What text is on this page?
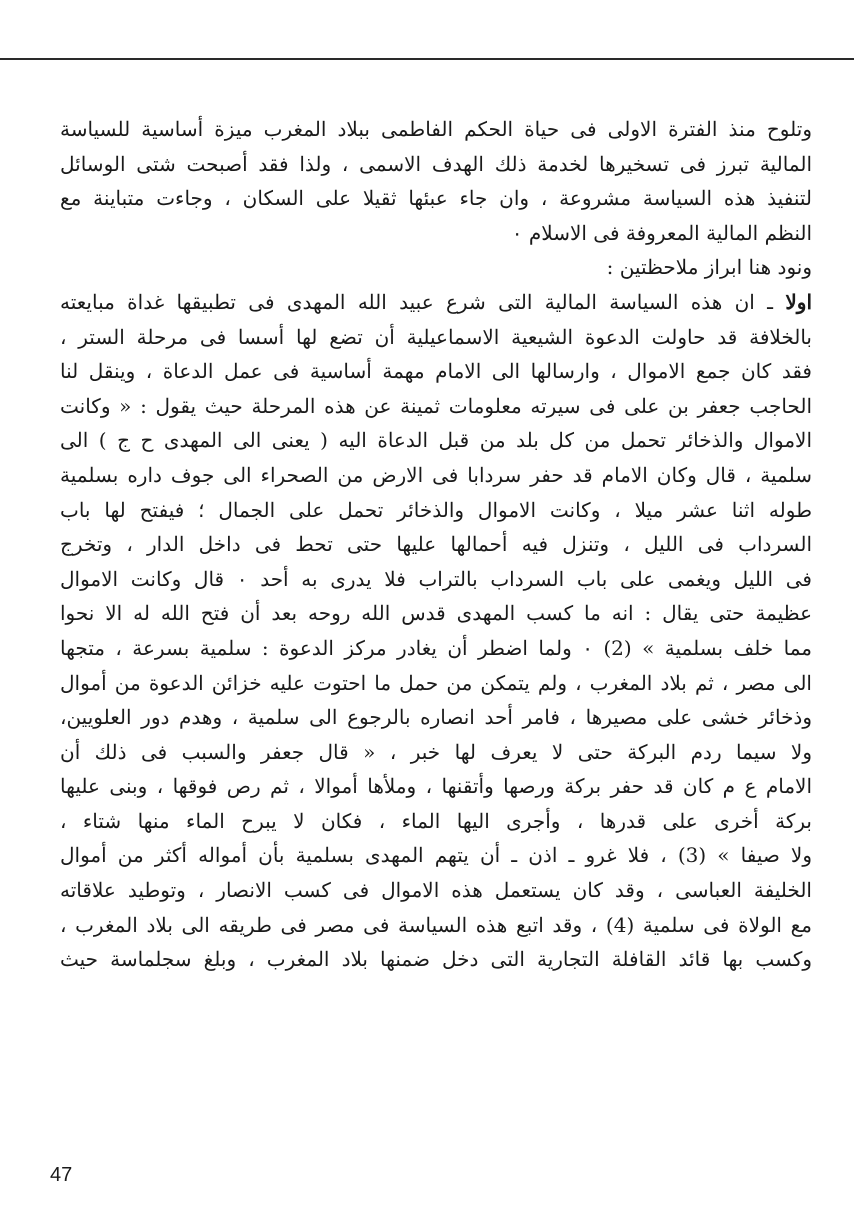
وتلوح منذ الفترة الاولى فى حياة الحكم الفاطمى ببلاد المغرب ميزة أساسية للسياسة
المالية تبرز فى تسخيرها لخدمة ذلك الهدف الاسمى ، ولذا فقد أصبحت شتى الوسائل
لتنفيذ هذه السياسة مشروعة ، وان جاء عبئها ثقيلا على السكان ، وجاءت متباينة مع
النظم المالية المعروفة فى الاسلام ٠
ونود هنا ابراز ملاحظتين :
اولا ـ ان هذه السياسة المالية التى شرع عبيد الله المهدى فى تطبيقها غداة مبايعته
بالخلافة قد حاولت الدعوة الشيعية الاسماعيلية أن تضع لها أسسا فى مرحلة الستر ،
فقد كان جمع الاموال ، وارسالها الى الامام مهمة أساسية فى عمل الدعاة ، وينقل لنا
الحاجب جعفر بن على فى سيرته معلومات ثمينة عن هذه المرحلة حيث يقول : « وكانت
الاموال والذخائر تحمل من كل بلد من قبل الدعاة اليه ( يعنى الى المهدى ح ج ) الى
سلمية ، قال وكان الامام قد حفر سردابا فى الارض من الصحراء الى جوف داره بسلمية
طوله اثنا عشر ميلا ، وكانت الاموال والذخائر تحمل على الجمال ؛ فيفتح لها باب
السرداب فى الليل ، وتنزل فيه أحمالها عليها حتى تحط فى داخل الدار ، وتخرج
فى الليل ويغمى على باب السرداب بالتراب فلا يدرى به أحد ٠ قال وكانت الاموال
عظيمة حتى يقال : انه ما كسب المهدى قدس الله روحه بعد أن فتح الله له الا نحوا
مما خلف بسلمية » (2) ٠ ولما اضطر أن يغادر مركز الدعوة : سلمية بسرعة ، متجها
الى مصر ، ثم بلاد المغرب ، ولم يتمكن من حمل ما احتوت عليه خزائن الدعوة من أموال
وذخائر خشى على مصيرها ، فامر أحد انصاره بالرجوع الى سلمية ، وهدم دور العلويين،
ولا سيما ردم البركة حتى لا يعرف لها خبر ، « قال جعفر والسبب فى ذلك أن
الامام ع م كان قد حفر بركة ورصها وأتقنها ، وملأها أموالا ، ثم رص فوقها ، وبنى عليها
بركة أخرى على قدرها ، وأجرى اليها الماء ، فكان لا يبرح الماء منها شتاء ،
ولا صيفا » (3) ، فلا غرو ـ اذن ـ أن يتهم المهدى بسلمية بأن أمواله أكثر من أموال
الخليفة العباسى ، وقد كان يستعمل هذه الاموال فى كسب الانصار ، وتوطيد علاقاته
مع الولاة فى سلمية (4) ، وقد اتبع هذه السياسة فى مصر فى طريقه الى بلاد المغرب ،
وكسب بها قائد القافلة التجارية التى دخل ضمنها بلاد المغرب ، وبلغ سجلماسة حيث
47
